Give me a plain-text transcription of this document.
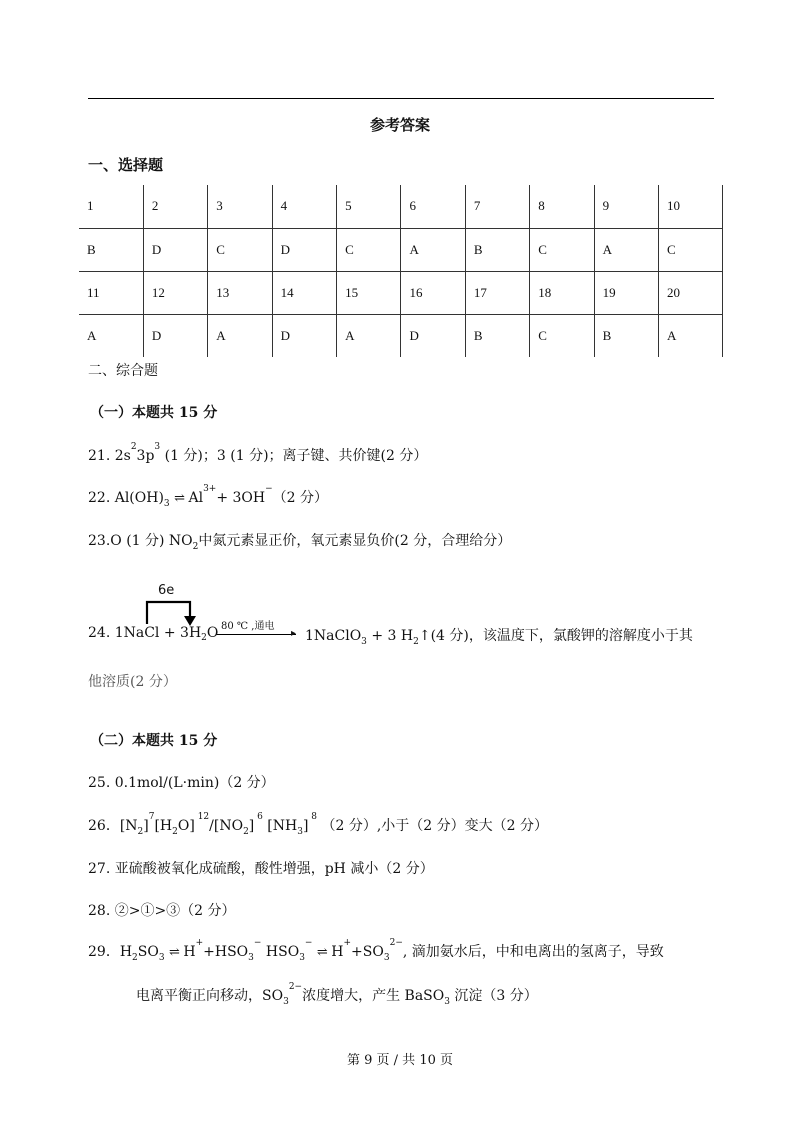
参考答案
一、选择题
1	2	3	4	5	6	7	8	9	10
B	D	C	D	C	A	B	C	A	C
11	12	13	14	15	16	17	18	19	20
A	D	A	D	A	D	B	C	B	A
二、综合题
（一）本题共 15 分
21. $2s^23p^3$ (1 分)；3 (1 分)；离子键、共价键(2 分）
22. $Al(OH)_3$ ⇌ $Al^{3+}+ 3OH^-(2$ 分）
23.O (1 分) $NO_2$中氮元素显正价，氧元素显负价(2 分，合理给分）
6e
80 ℃ ,通电
▸
24. 1NaCl + $3H_2O$	1NaClO$_3$ + 3 $H_2↑(4$ 分)，该温度下，氯酸钾的溶解度小于其
他溶质(2 分）
（二）本题共 15 分
25. 0.1mol/(L·min)（2 分）
26．$[N_2]^7[H_2O]$ $^{12}/[NO_2]$ $^6$ $[NH_3]$ $^8$ （2 分）,小于（2 分）变大（2 分）
27. 亚硫酸被氧化成硫酸，酸性增强，pH 减小（2 分）
28. ②>①>③（2 分）
29．$H_2SO_3$ ⇌ $H^++HSO_3^-$ $HSO_3^-$ ⇌ $H^++SO_3^{2-}$, 滴加氨水后，中和电离出的氢离子，导致
电离平衡正向移动，$SO_3^{2-}$浓度增大，产生 BaSO$_3$ 沉淀（3 分）
第 9 页 / 共 10 页
